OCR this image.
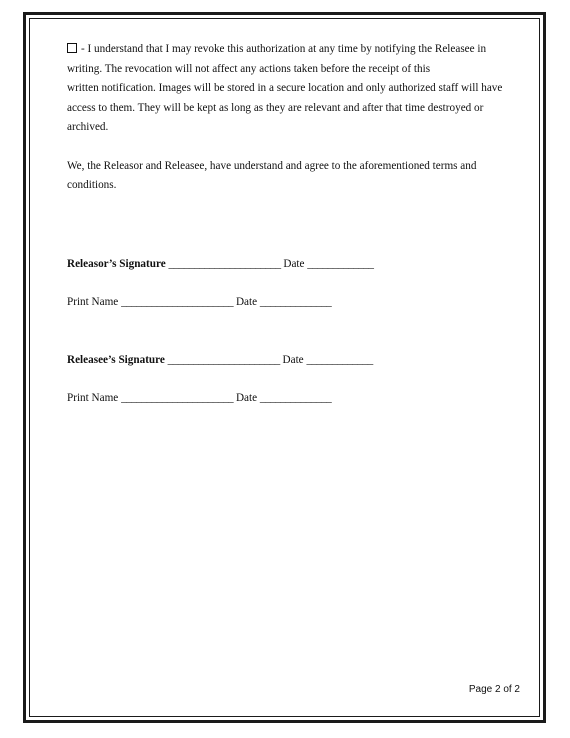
- I understand that I may revoke this authorization at any time by notifying the Releasee in
writing. The revocation will not affect any actions taken before the receipt of this
written notification. Images will be stored in a secure location and only authorized staff will have
access to them. They will be kept as long as they are relevant and after that time destroyed or
archived.

We, the Releasor and Releasee, have understand and agree to the aforementioned terms and
conditions.

Releasor’s Signature ______________________ Date _____________
Print Name ______________________ Date ______________
Releasee’s Signature ______________________ Date _____________
Print Name ______________________ Date ______________
Page 2 of 2
